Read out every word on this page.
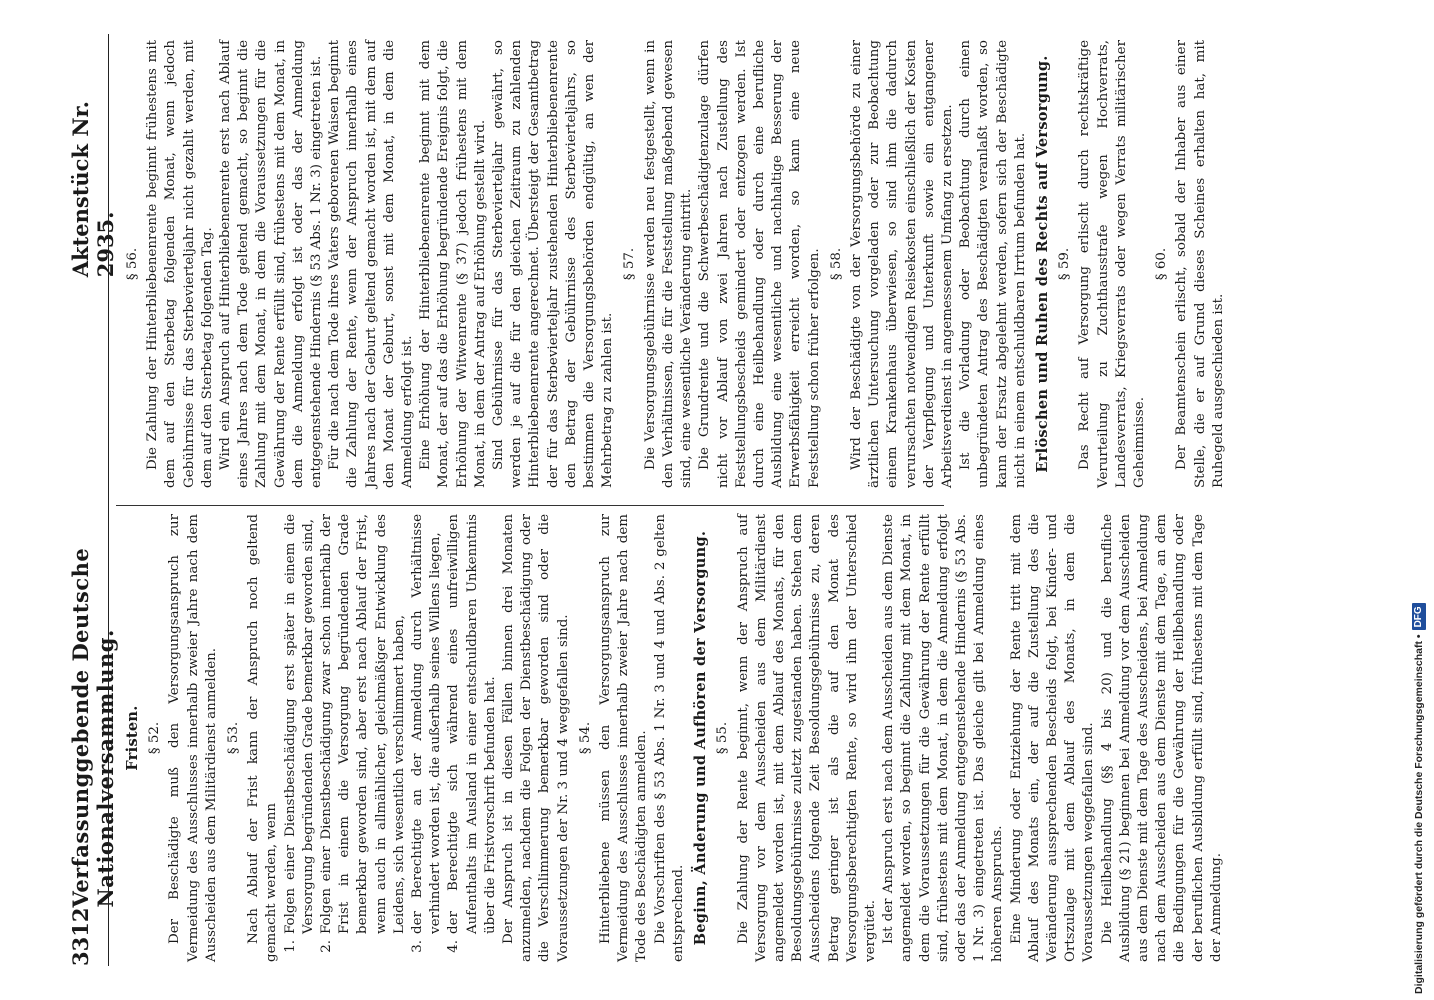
3312
Verfassunggebende Deutsche Nationalversammlung.
Aktenstück Nr. 2935.
Fristen. § 52. Der Beschädigte muß den Versorgungsanspruch zur Vermeidung des Ausschlusses innerhalb zweier Jahre nach dem Ausscheiden aus dem Militärdienst anmelden. § 53. Nach Ablauf der Frist kann der Anspruch noch geltend gemacht werden, wenn 1.
Folgen einer Dienstbeschädigung erst später in einem die Versorgung begründenden Grade bemerkbar geworden sind,
2.
Folgen einer Dienstbeschädigung zwar schon innerhalb der Frist in einem die Versorgung begründenden Grade bemerkbar geworden sind, aber erst nach Ablauf der Frist, wenn auch in allmählicher, gleichmäßiger Entwicklung des Leidens, sich wesentlich verschlimmert haben,
3.
der Berechtigte an der Anmeldung durch Verhältnisse verhindert worden ist, die außerhalb seines Willens liegen,
4.
der Berechtigte sich während eines unfreiwilligen Aufenthalts im Ausland in einer entschuldbaren Unkenntnis über die Fristvorschrift befunden hat. Der Anspruch ist in diesen Fällen binnen drei Monaten anzumelden, nachdem die Folgen der Dienstbeschädigung oder die Verschlimmerung bemerkbar geworden sind oder die Voraussetzungen der Nr. 3 und 4 weggefallen sind. § 54. Hinterbliebene müssen den Versorgungsanspruch zur Vermeidung des Ausschlusses innerhalb zweier Jahre nach dem Tode des Beschädigten anmelden. Die Vorschriften des § 53 Abs. 1 Nr. 3 und 4 und Abs. 2 gelten entsprechend. Beginn, Änderung und Aufhören der Versorgung. § 55. Die Zahlung der Rente beginnt, wenn der Anspruch auf Versorgung vor dem Ausscheiden aus dem Militärdienst angemeldet worden ist, mit dem Ablauf des Monats, für den Besoldungsgebührnisse zuletzt zugestanden haben. Stehen dem Ausscheidens folgende Zeit Besoldungsgebührnisse zu, deren Betrag geringer ist als die auf den Monat des Versorgungsberechtigten Rente, so wird ihm der Unterschied vergütet. Ist der Anspruch erst nach dem Ausscheiden aus dem Dienste angemeldet worden, so beginnt die Zahlung mit dem Monat, in dem die Voraussetzungen für die Gewährung der Rente erfüllt sind, frühestens mit dem Monat, in dem die Anmeldung erfolgt oder das der Anmeldung entgegenstehende Hindernis (§ 53 Abs. 1 Nr. 3) eingetreten ist. Das gleiche gilt bei Anmeldung eines höheren Anspruchs. Eine Minderung oder Entziehung der Rente tritt mit dem Ablauf des Monats ein, der auf die Zustellung des die Veränderung aussprechenden Bescheids folgt, bei Kinder- und Ortszulage mit dem Ablauf des Monats, in dem die Voraussetzungen weggefallen sind. Die Heilbehandlung (§§ 4 bis 20) und die berufliche Ausbildung (§ 21) beginnen bei Anmeldung vor dem Ausscheiden aus dem Dienste mit dem Tage des Ausscheidens, bei Anmeldung nach dem Ausscheiden aus dem Dienste mit dem Tage, an dem die Bedingungen für die Gewährung der Heilbehandlung oder der beruflichen Ausbildung erfüllt sind, frühestens mit dem Tage der Anmeldung.

§ 56. Die Zahlung der Hinterbliebenenrente beginnt frühestens mit dem auf den Sterbetag folgenden Monat, wenn jedoch Gebührnisse für das Sterbevierteljahr nicht gezahlt werden, mit dem auf den Sterbetag folgenden Tag. Wird ein Anspruch auf Hinterbliebenenrente erst nach Ablauf eines Jahres nach dem Tode geltend gemacht, so beginnt die Zahlung mit dem Monat, in dem die Voraussetzungen für die Gewährung der Rente erfüllt sind, frühestens mit dem Monat, in dem die Anmeldung erfolgt ist oder das der Anmeldung entgegenstehende Hindernis (§ 53 Abs. 1 Nr. 3) eingetreten ist. Für die nach dem Tode ihres Vaters geborenen Waisen beginnt die Zahlung der Rente, wenn der Anspruch innerhalb eines Jahres nach der Geburt geltend gemacht worden ist, mit dem auf den Monat der Geburt, sonst mit dem Monat, in dem die Anmeldung erfolgt ist. Eine Erhöhung der Hinterbliebenenrente beginnt mit dem Monat, der auf das die Erhöhung begründende Ereignis folgt, die Erhöhung der Witwenrente (§ 37) jedoch frühestens mit dem Monat, in dem der Antrag auf Erhöhung gestellt wird. Sind Gebührnisse für das Sterbevierteljahr gewährt, so werden je auf die für den gleichen Zeitraum zu zahlenden Hinterbliebenenrente angerechnet. Übersteigt der Gesamtbetrag der für das Sterbevierteljahr zustehenden Hinterbliebenenrente den Betrag der Gebührnisse des Sterbevierteljahrs, so bestimmen die Versorgungsbehörden endgültig, an wen der Mehrbetrag zu zahlen ist.

§ 57. Die Versorgungsgebührnisse werden neu festgestellt, wenn in den Verhältnissen, die für die Feststellung maßgebend gewesen sind, eine wesentliche Veränderung eintritt. Die Grundrente und die Schwerbeschädigtenzulage dürfen nicht vor Ablauf von zwei Jahren nach Zustellung des Feststellungsbescheids gemindert oder entzogen werden. Ist durch eine Heilbehandlung oder durch eine berufliche Ausbildung eine wesentliche und nachhaltige Besserung der Erwerbsfähigkeit erreicht worden, so kann eine neue Feststellung schon früher erfolgen. § 58. Wird der Beschädigte von der Versorgungsbehörde zu einer ärztlichen Untersuchung vorgeladen oder zur Beobachtung einem Krankenhaus überwiesen, so sind ihm die dadurch verursachten notwendigen Reisekosten einschließlich der Kosten der Verpflegung und Unterkunft sowie ein entgangener Arbeitsverdienst in angemessenem Umfang zu ersetzen. Ist die Vorladung oder Beobachtung durch einen unbegründeten Antrag des Beschädigten veranlaßt worden, so kann der Ersatz abgelehnt werden, sofern sich der Beschädigte nicht in einem entschuldbaren Irrtum befunden hat. Erlöschen und Ruhen des Rechts auf Versorgung. § 59. Das Recht auf Versorgung erlischt durch rechtskräftige Verurteilung zu Zuchthausstrafe wegen Hochverrats, Landesverrats, Kriegsverrats oder wegen Verrats militärischer Geheimnisse.

§ 60. Der Beamtenschein erlischt, sobald der Inhaber aus einer Stelle, die er auf Grund dieses Scheines erhalten hat, mit Ruhegeld ausgeschieden ist.

Digitalisierung gefördert durch die Deutsche Forschungsgemeinschaft •
DFG
